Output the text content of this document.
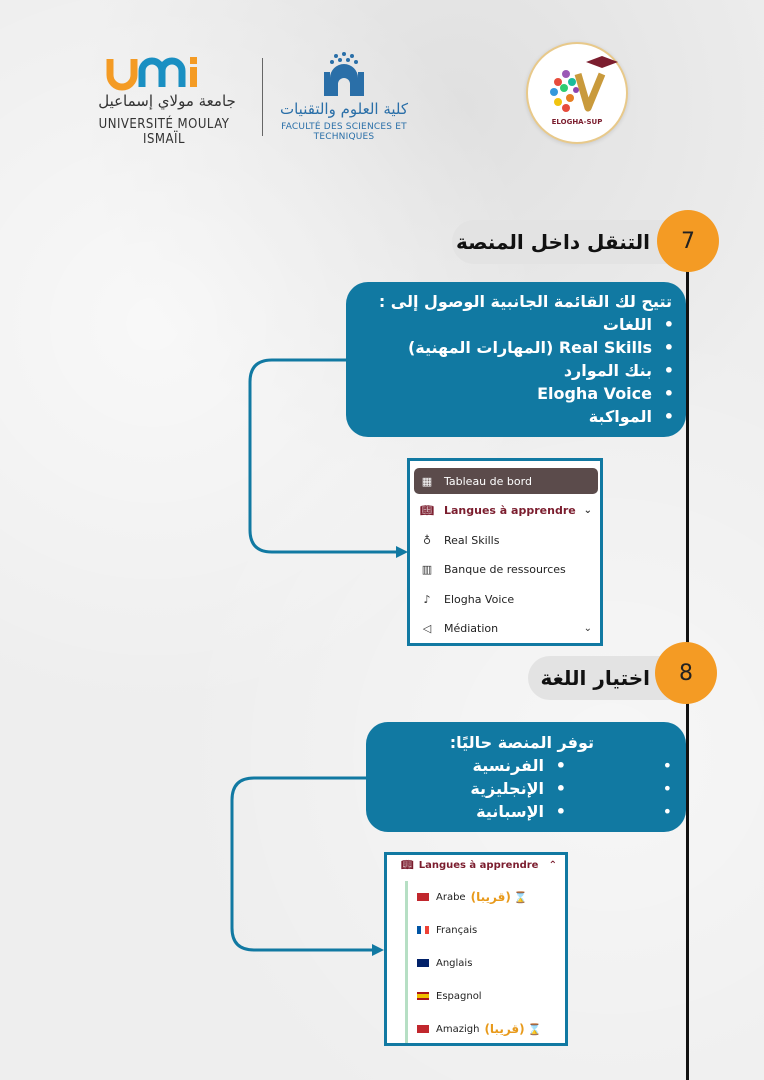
جامعة مولاي إسماعيل
UNIVERSITÉ MOULAY ISMAÏL
كلية العلوم والتقنيات
FACULTÉ DES SCIENCES ET TECHNIQUES
ELOGHA-SUP
التنقل داخل المنصة	7
تتيح لك القائمة الجانبية الوصول إلى :
• اللغات
• Real Skills (المهارات المهنية)
• بنك الموارد
• Elogha Voice
• المواكبة
▦ Tableau de bord
📖︎ Langues à apprendre ⌄
♁ Real Skills
▥ Banque de ressources
♪	Elogha Voice
◁ Médiation	⌄
اختيار اللغة	8
توفر المنصة حاليًا:
• الفرنسية
• الإنجليزية
• الإسبانية
•
•
•
📖︎ Langues à apprendre ⌃
Arabe (قريبا) ⌛
Français
Anglais
Espagnol
Amazigh (قريبا) ⌛
